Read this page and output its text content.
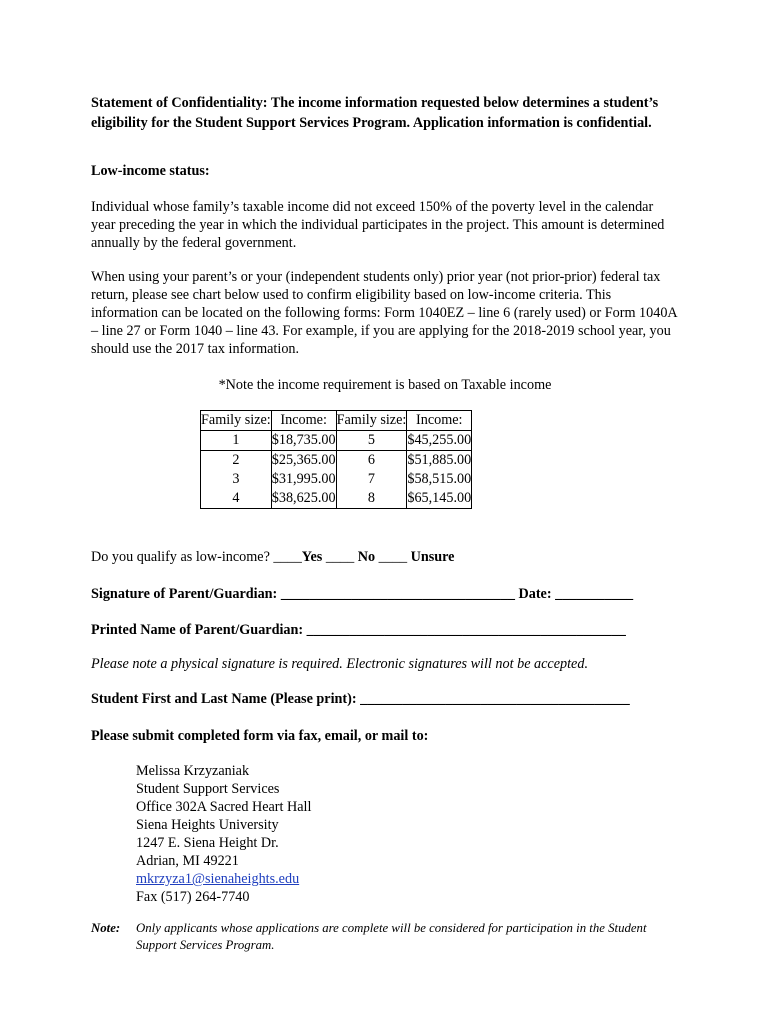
Statement of Confidentiality: The income information requested below determines a student’s eligibility for the Student Support Services Program. Application information is confidential.
Low-income status:
Individual whose family’s taxable income did not exceed 150% of the poverty level in the calendar year preceding the year in which the individual participates in the project. This amount is determined annually by the federal government.
When using your parent’s or your (independent students only) prior year (not prior-prior) federal tax return, please see chart below used to confirm eligibility based on low-income criteria. This information can be located on the following forms: Form 1040EZ – line 6 (rarely used) or Form 1040A – line 27 or Form 1040 – line 43. For example, if you are applying for the 2018-2019 school year, you should use the 2017 tax information.
*Note the income requirement is based on Taxable income
Family size:	Income:	Family size:	Income:
1	$18,735.00	5	$45,255.00
2	$25,365.00	6	$51,885.00
3	$31,995.00	7	$58,515.00
4	$38,625.00	8	$65,145.00
Do you qualify as low-income? ____Yes ____ No ____ Unsure
Signature of Parent/Guardian: _________________________________ Date: ___________
Printed Name of Parent/Guardian: _____________________________________________
Please note a physical signature is required. Electronic signatures will not be accepted.
Student First and Last Name (Please print): ______________________________________
Please submit completed form via fax, email, or mail to:
Melissa Krzyzaniak
Student Support Services
Office 302A Sacred Heart Hall
Siena Heights University
1247 E. Siena Height Dr.
Adrian, MI 49221
mkrzyza1@sienaheights.edu
Fax (517) 264-7740
Note: Only applicants whose applications are complete will be considered for participation in the Student Support Services Program.
